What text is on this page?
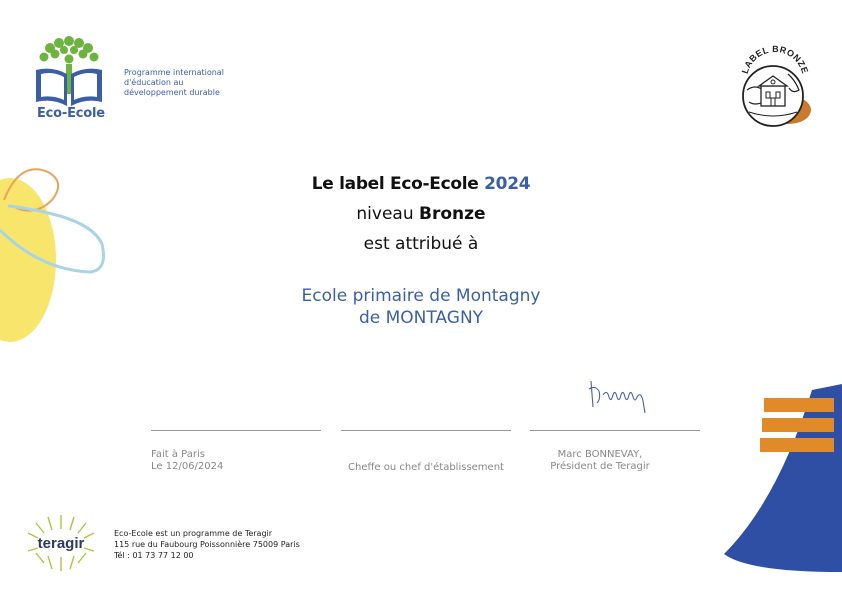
Eco-Ecole
Programme international
d'éducation au
développement durable
LABEL BRONZE
Le label Eco-Ecole 2024
niveau Bronze
est attribué à
Ecole primaire de Montagny
de MONTAGNY
Fait à Paris
Le 12/06/2024	Cheffe ou chef d'établissement
Marc BONNEVAY,
Président de Teragir
teragir
Eco-Ecole est un programme de Teragir
115 rue du Faubourg Poissonnière 75009 Paris
Tél : 01 73 77 12 00
